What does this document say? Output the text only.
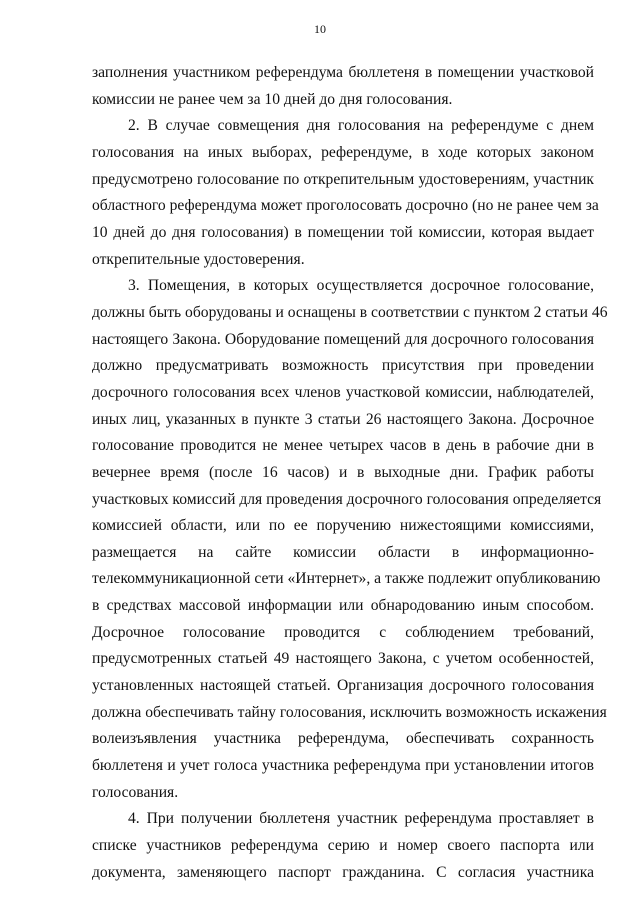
10
заполнения участником референдума бюллетеня в помещении участковой
комиссии не ранее чем за 10 дней до дня голосования.
2. В случае совмещения дня голосования на референдуме с днем
голосования на иных выборах, референдуме, в ходе которых законом
предусмотрено голосование по открепительным удостоверениям, участник
областного референдума может проголосовать досрочно (но не ранее чем за
10 дней до дня голосования) в помещении той комиссии, которая выдает
открепительные удостоверения.
3. Помещения, в которых осуществляется досрочное голосование,
должны быть оборудованы и оснащены в соответствии с пунктом 2 статьи 46
настоящего Закона. Оборудование помещений для досрочного голосования
должно предусматривать возможность присутствия при проведении
досрочного голосования всех членов участковой комиссии, наблюдателей,
иных лиц, указанных в пункте 3 статьи 26 настоящего Закона. Досрочное
голосование проводится не менее четырех часов в день в рабочие дни в
вечернее время (после 16 часов) и в выходные дни. График работы
участковых комиссий для проведения досрочного голосования определяется
комиссией области, или по ее поручению нижестоящими комиссиями,
размещается на сайте комиссии области в информационно-
телекоммуникационной сети «Интернет», а также подлежит опубликованию
в средствах массовой информации или обнародованию иным способом.
Досрочное голосование проводится с соблюдением требований,
предусмотренных статьей 49 настоящего Закона, с учетом особенностей,
установленных настоящей статьей. Организация досрочного голосования
должна обеспечивать тайну голосования, исключить возможность искажения
волеизъявления участника референдума, обеспечивать сохранность
бюллетеня и учет голоса участника референдума при установлении итогов
голосования.
4. При получении бюллетеня участник референдума проставляет в
списке участников референдума серию и номер своего паспорта или
документа, заменяющего паспорт гражданина. С согласия участника
